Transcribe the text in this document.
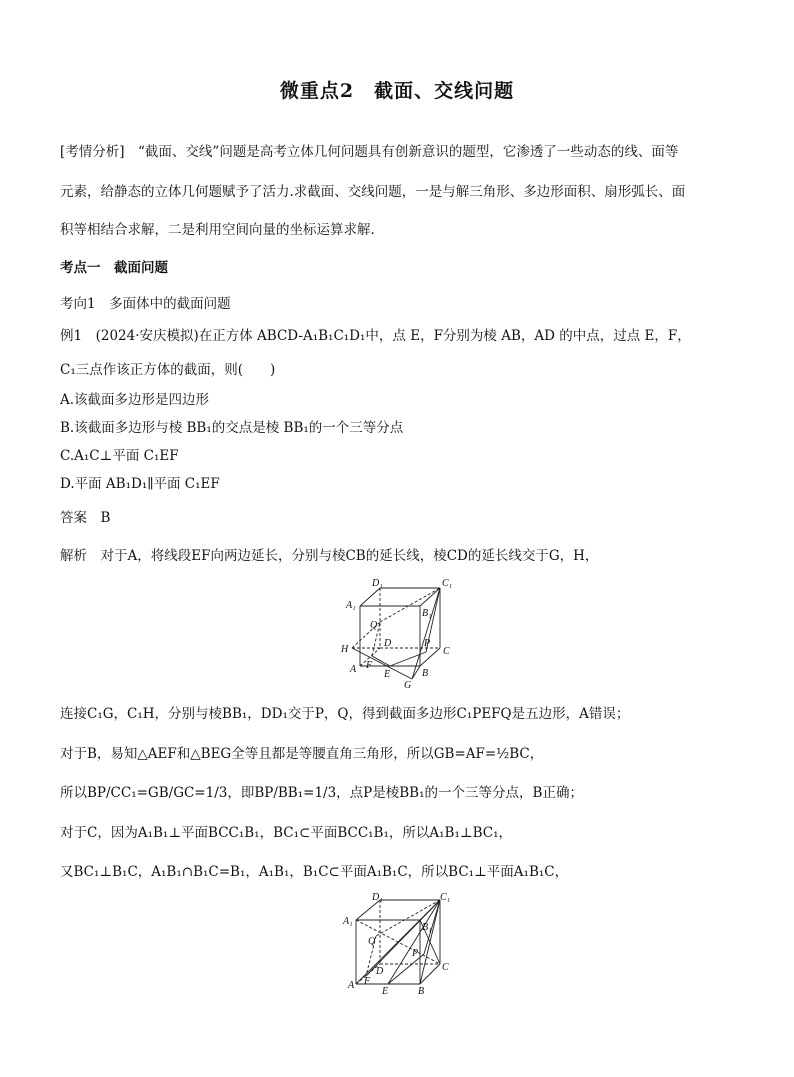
微重点2　截面、交线问题
[考情分析]　“截面、交线”问题是高考立体几何问题具有创新意识的题型，它渗透了一些动态的线、面等
元素，给静态的立体几何题赋予了活力.求截面、交线问题，一是与解三角形、多边形面积、扇形弧长、面
积等相结合求解，二是利用空间向量的坐标运算求解.
考点一　截面问题
考向1　多面体中的截面问题
例1　(2024·安庆模拟)在正方体 ABCD-A₁B₁C₁D₁中，点 E，F分别为棱 AB，AD 的中点，过点 E，F，
C₁三点作该正方体的截面，则(　　)
A.该截面多边形是四边形
B.该截面多边形与棱 BB₁的交点是棱 BB₁的一个三等分点
C.A₁C⊥平面 C₁EF
D.平面 AB₁D₁∥平面 C₁EF
答案　B
解析　对于A，将线段EF向两边延长，分别与棱CB的延长线，棱CD的延长线交于G，H，
D₁	C₁
A₁
B₁
Q
D	P
C
H
A F
B
E
G
连接C₁G，C₁H，分别与棱BB₁，DD₁交于P，Q，得到截面多边形C₁PEFQ是五边形，A错误；
对于B，易知△AEF和△BEG全等且都是等腰直角三角形，所以GB=AF=½BC，
所以BP/CC₁=GB/GC=1/3，即BP/BB₁=1/3，点P是棱BB₁的一个三等分点，B正确；
对于C，因为A₁B₁⊥平面BCC₁B₁，BC₁⊂平面BCC₁B₁，所以A₁B₁⊥BC₁，
又BC₁⊥B₁C，A₁B₁∩B₁C=B₁，A₁B₁，B₁C⊂平面A₁B₁C，所以BC₁⊥平面A₁B₁C，
D₁	C₁
A₁
B₁
Q
D
P
C
A F
E	B
